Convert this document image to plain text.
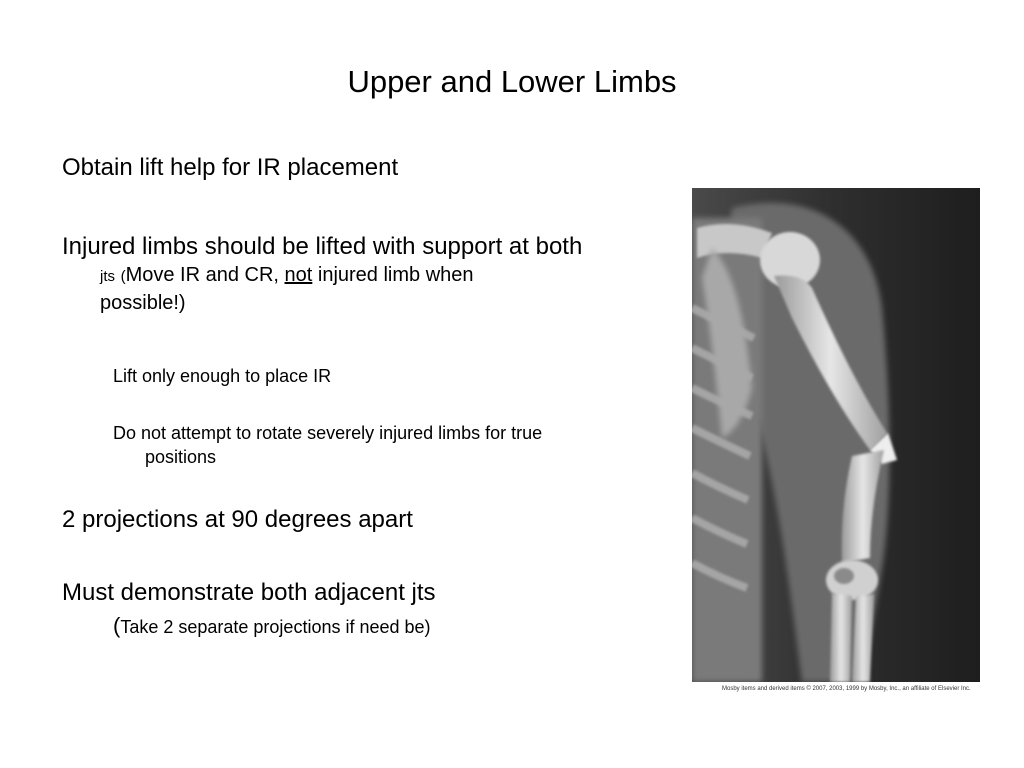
Upper and Lower Limbs
Obtain lift help for IR placement
Injured limbs should be lifted with support at both
jts (Move IR and CR, not injured limb when
possible!)
Lift only enough to place IR
Do not attempt to rotate severely injured limbs for true
positions
2 projections at 90 degrees apart
Must demonstrate both adjacent jts
(Take 2 separate projections if need be)
Mosby items and derived items © 2007, 2003, 1999 by Mosby, Inc., an affiliate of Elsevier Inc.
